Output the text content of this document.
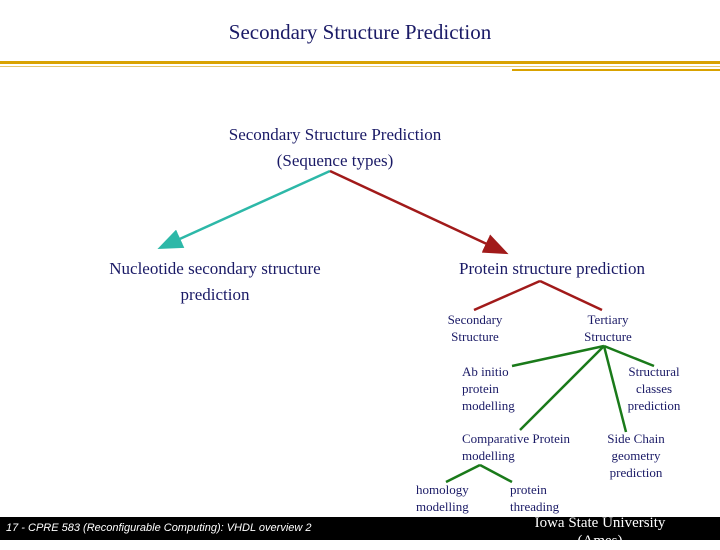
Secondary Structure Prediction
Secondary Structure Prediction
(Sequence types)
Nucleotide secondary structure
prediction
Protein structure prediction
Secondary
Structure
Tertiary
Structure
Ab initio
protein
modelling
Structural
classes
prediction
Comparative Protein
modelling
Side Chain
geometry
prediction
homology
modelling
protein
threading
17 - CPRE 583 (Reconfigurable Computing): VHDL overview 2	Iowa State University
(Ames)
